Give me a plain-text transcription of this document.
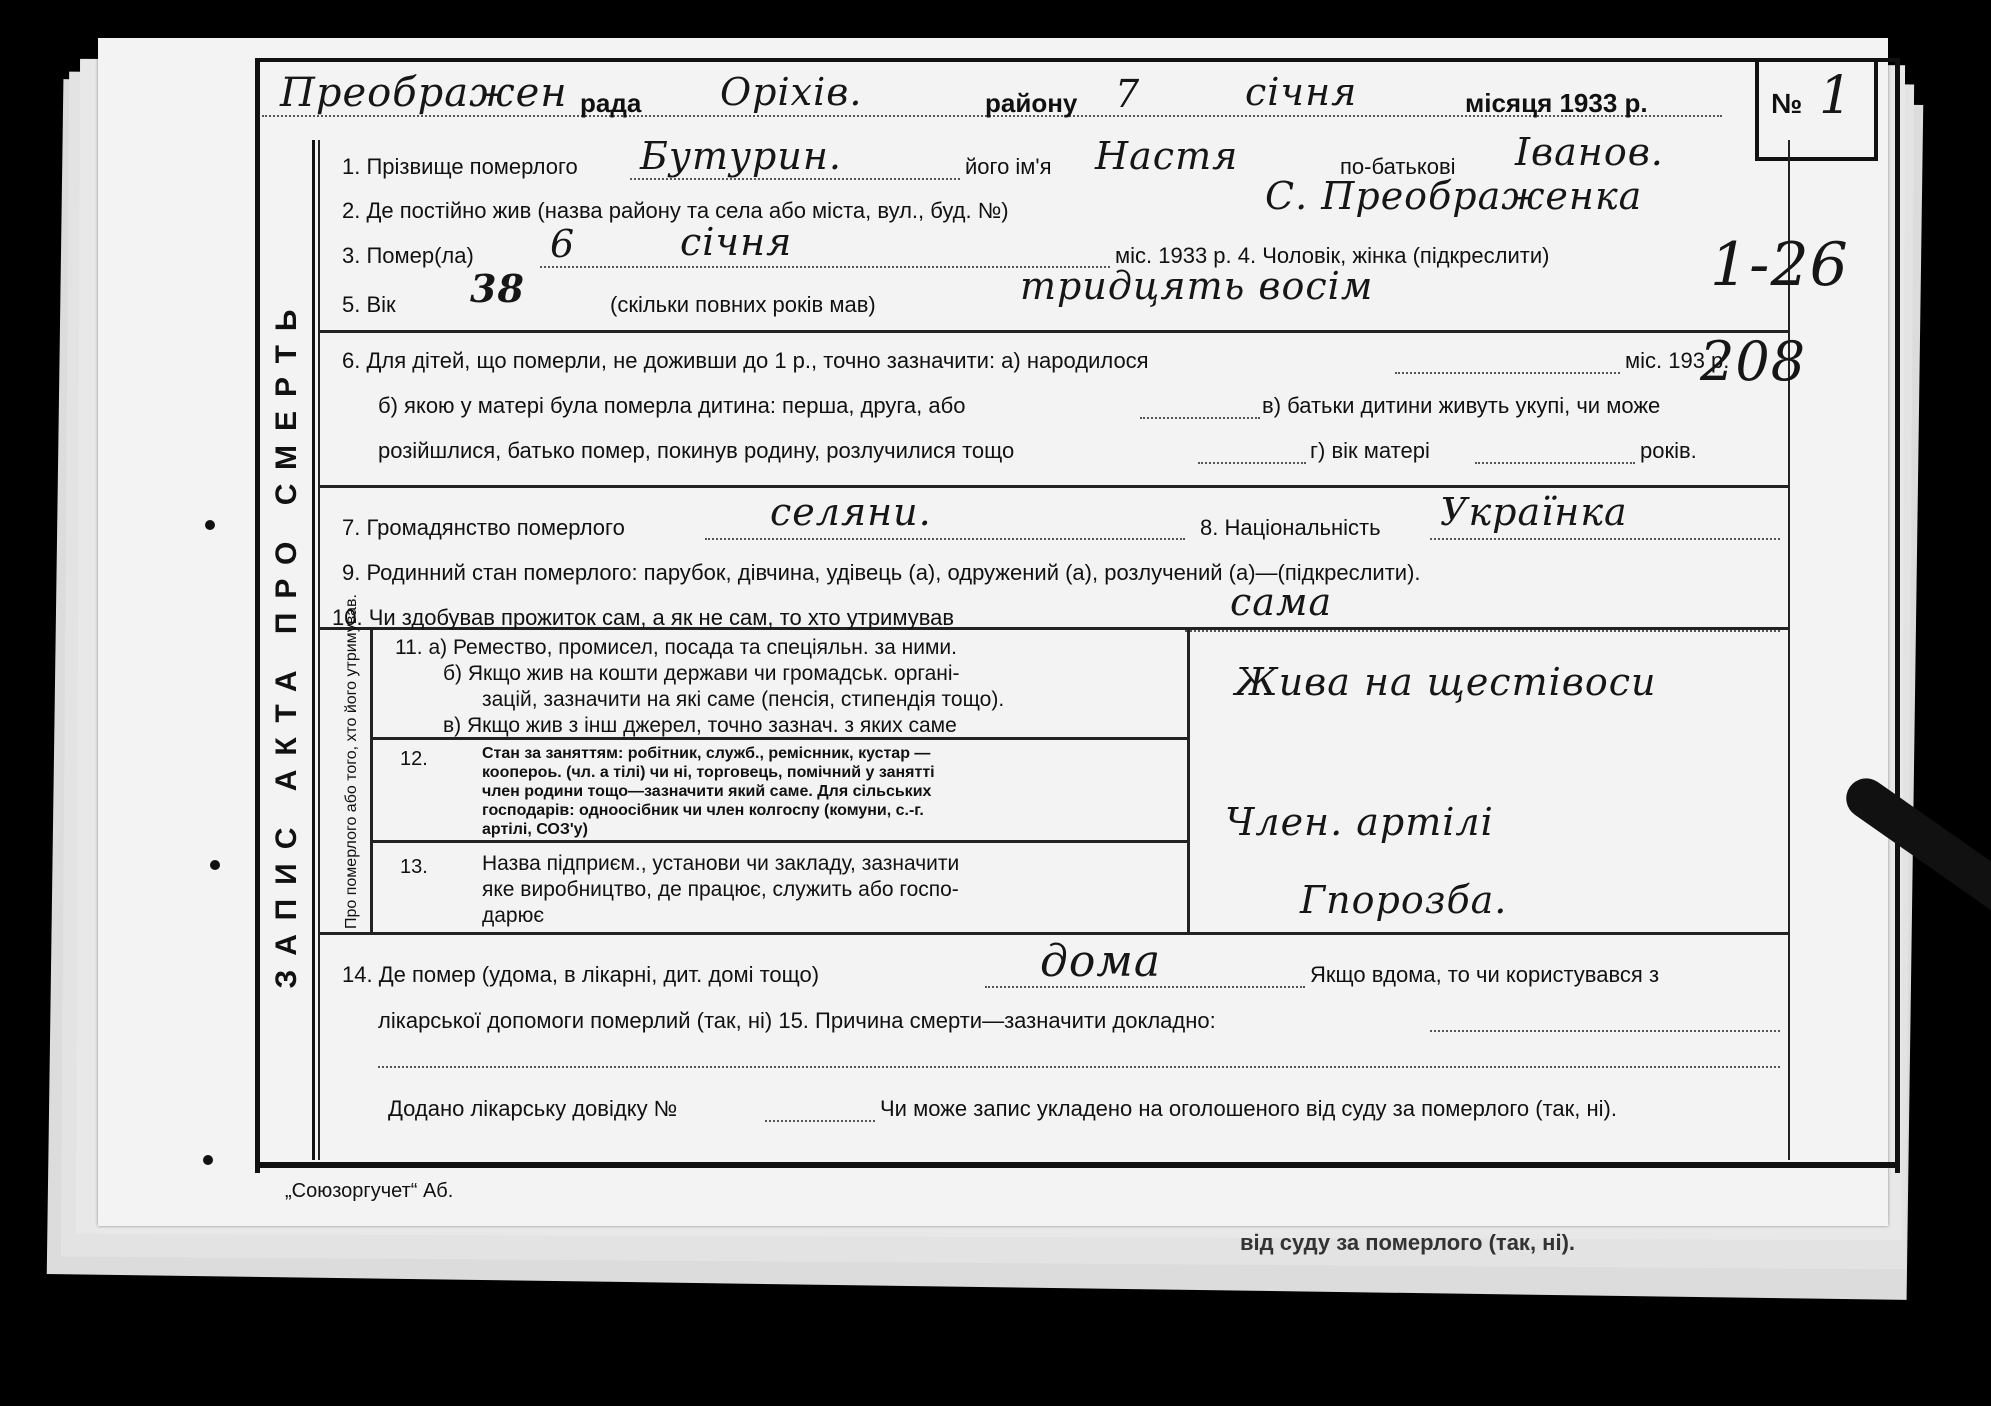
від суду за померлого (так, ні).
Преображен рада Оріхів.	району 7	січня	місяця 1933 р.	№ 1
ЗАПИС АКТА ПРО СМЕРТЬ
1. Прізвище померлого Бутурин.	його ім'я Настя	по-батькові Іванов.
2. Де постійно жив (назва району та села або міста, вул., буд. №)	С. Преображенка
3. Помер(ла) 6	січня	міс. 1933 р. 4. Чоловік, жінка (підкреслити)
5. Вік 38	(скільки повних років мав)	тридцять восім	1-26
6. Для дітей, що померли, не доживши до 1 р., точно зазначити: а) народилося	міс. 193 р.
208
б) якою у матері була померла дитина: перша, друга, або	в) батьки дитини живуть укупі, чи може
розійшлися, батько помер, покинув родину, розлучилися тощо	г) вік матері	років.
7. Громадянство померлого	селяни.	8. Національність Українка
9. Родинний стан померлого: парубок, дівчина, удівець (а), одружений (а), розлучений (а)—(підкреслити).
10. Чи здобував прожиток сам, а як не сам, то хто утримував	сама
Про померлого або того, хто його утримував. 11. а) Ремество, промисел, посада та спеціяльн. за ними.
б) Якщо жив на кошти держави чи громадськ. органі-
зацій, зазначити на які саме (пенсія, стипендія тощо).
в) Якщо жив з інш джерел, точно зазнач. з яких саме
Жива на щестівоси
12.	Стан за заняттям: робітник, служб., реміснник, кустар —
коопероь. (чл. а тілі) чи ні, торговець, помічний у занятті
член родини тощо—зазначити який саме. Для сільських
господарів: одноосібник чи член колгоспу (комуни, с.-г.
артілі, СОЗ'у)	Член. артілі
13.	Назва підприєм., установи чи закладу, зазначити
яке виробництво, де працює, служить або госпо-
дарює	Гпорозба.
14. Де помер (удома, в лікарні, дит. домі тощо)	дома	Якщо вдома, то чи користувався з
лікарської допомоги померлий (так, ні) 15. Причина смерти—зазначити докладно:
Додано лікарську довідку №	Чи може запис укладено на оголошеного від суду за померлого (так, ні).
„Союзоргучет“ Аб.
